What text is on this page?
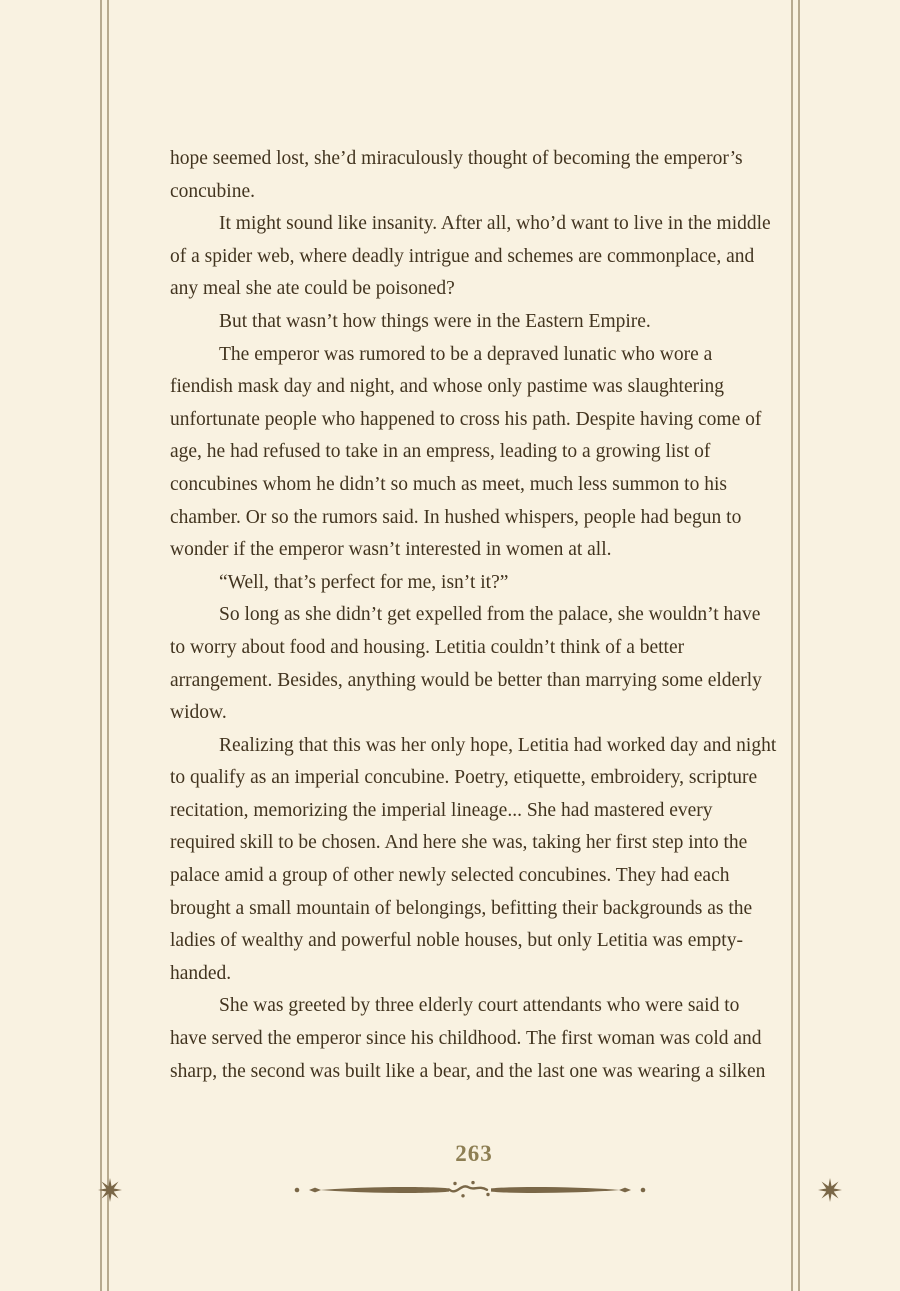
hope seemed lost, she’d miraculously thought of becoming the emperor’s concubine.

It might sound like insanity. After all, who’d want to live in the middle of a spider web, where deadly intrigue and schemes are commonplace, and any meal she ate could be poisoned?

But that wasn’t how things were in the Eastern Empire.

The emperor was rumored to be a depraved lunatic who wore a fiendish mask day and night, and whose only pastime was slaughtering unfortunate people who happened to cross his path. Despite having come of age, he had refused to take in an empress, leading to a growing list of concubines whom he didn’t so much as meet, much less summon to his chamber. Or so the rumors said. In hushed whispers, people had begun to wonder if the emperor wasn’t interested in women at all.

“Well, that’s perfect for me, isn’t it?”

So long as she didn’t get expelled from the palace, she wouldn’t have to worry about food and housing. Letitia couldn’t think of a better arrangement. Besides, anything would be better than marrying some elderly widow.

Realizing that this was her only hope, Letitia had worked day and night to qualify as an imperial concubine. Poetry, etiquette, embroidery, scripture recitation, memorizing the imperial lineage... She had mastered every required skill to be chosen. And here she was, taking her first step into the palace amid a group of other newly selected concubines. They had each brought a small mountain of belongings, befitting their backgrounds as the ladies of wealthy and powerful noble houses, but only Letitia was empty-handed.

She was greeted by three elderly court attendants who were said to have served the emperor since his childhood. The first woman was cold and sharp, the second was built like a bear, and the last one was wearing a silken

263
